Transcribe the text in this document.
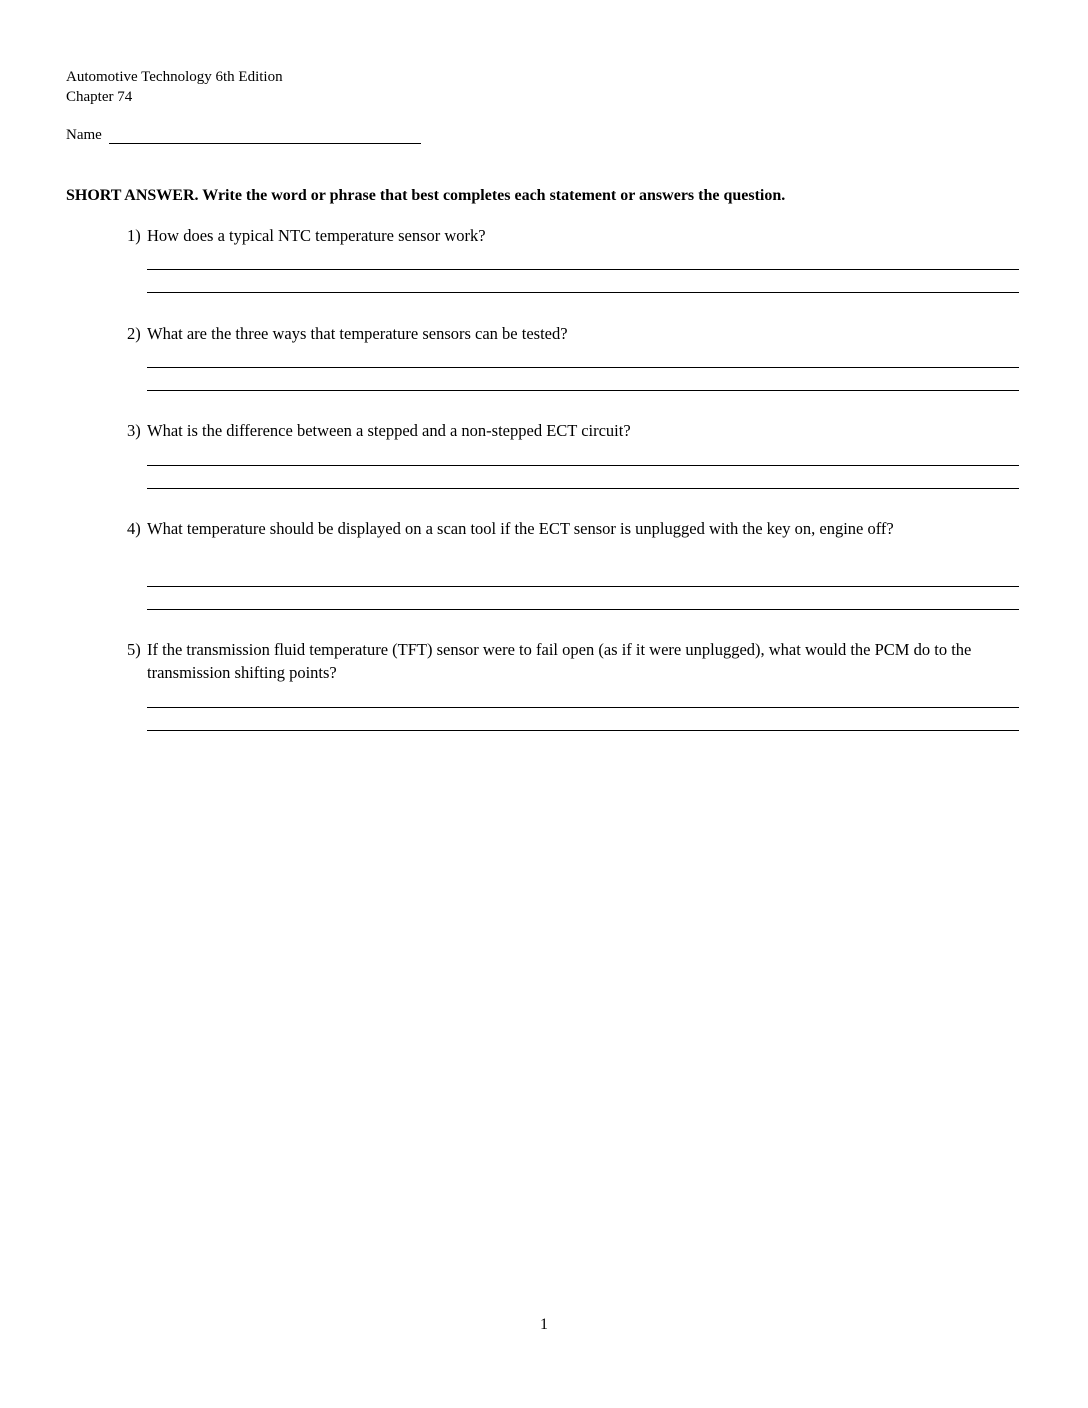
Automotive Technology 6th Edition
Chapter 74
Name
SHORT ANSWER. Write the word or phrase that best completes each statement or answers the question.
1) How does a typical NTC temperature sensor work?
2) What are the three ways that temperature sensors can be tested?
3) What is the difference between a stepped and a non-stepped ECT circuit?
4) What temperature should be displayed on a scan tool if the ECT sensor is unplugged with the key on, engine off?
5) If the transmission fluid temperature (TFT) sensor were to fail open (as if it were unplugged), what would the PCM do to the transmission shifting points?
1
